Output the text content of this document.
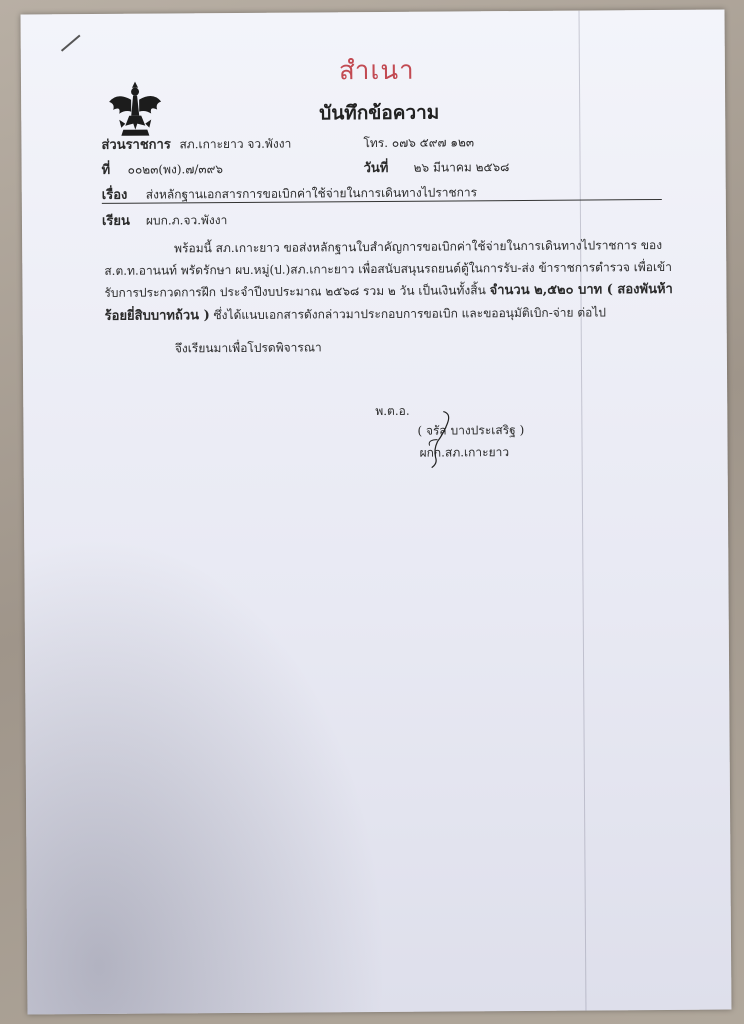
สำเนา
บันทึกข้อความ
ส่วนราชการ สภ.เกาะยาว จว.พังงา	โทร. ๐๗๖ ๕๙๗ ๑๒๓
ที่ ๐๐๒๓(พง).๗/๓๙๖	วันที่ ๒๖ มีนาคม ๒๕๖๘
เรื่อง ส่งหลักฐานเอกสารการขอเบิกค่าใช้จ่ายในการเดินทางไปราชการ
เรียน ผบก.ภ.จว.พังงา
พร้อมนี้ สภ.เกาะยาว ขอส่งหลักฐานใบสำคัญการขอเบิกค่าใช้จ่ายในการเดินทางไปราชการ ของ
ส.ต.ท.อานนท์ พรัดรักษา ผบ.หมู่(ป.)สภ.เกาะยาว เพื่อสนับสนุนรถยนต์ตู้ในการรับ-ส่ง ข้าราชการตำรวจ เพื่อเข้า
รับการประกวดการฝึก ประจำปีงบประมาณ ๒๕๖๘ รวม ๒ วัน เป็นเงินทั้งสิ้น จำนวน ๒,๕๒๐ บาท ( สองพันห้า
ร้อยยี่สิบบาทถ้วน ) ซึ่งได้แนบเอกสารดังกล่าวมาประกอบการขอเบิก และขออนุมัติเบิก-จ่าย ต่อไป
จึงเรียนมาเพื่อโปรดพิจารณา
พ.ต.อ.
( จรัส บางประเสริฐ )
ผกก.สภ.เกาะยาว
